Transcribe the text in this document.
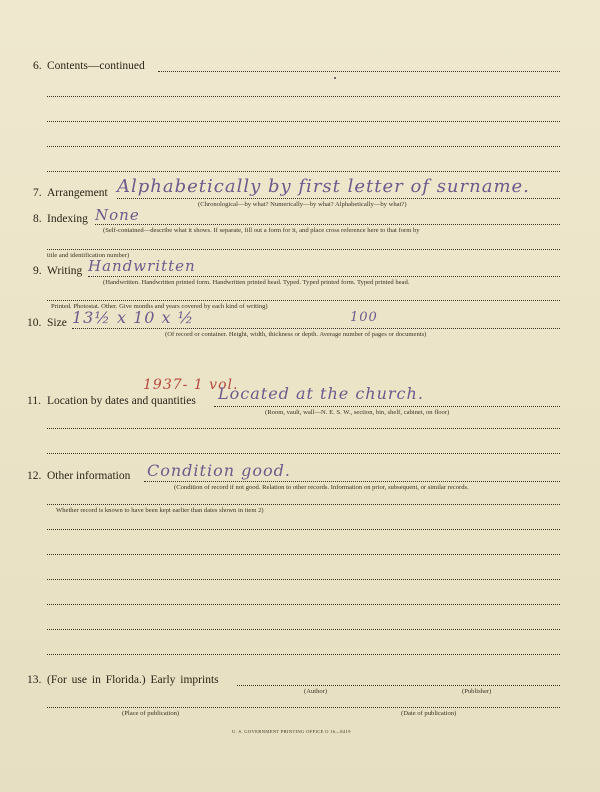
6. Contents—continued
7. Arrangement Alphabetically by first letter of surname.
(Chronological—by what? Numerically—by what? Alphabetically—by what?)
8. Indexing None
(Self-contained—describe what it shows. If separate, fill out a form for it, and place cross reference here to that form by
title and identification number)
9. Writing Handwritten
(Handwritten. Handwritten printed form. Handwritten printed head. Typed. Typed printed form. Typed printed head.
Printed. Photostat. Other. Give months and years covered by each kind of writing)
10. Size 13½ x 10 x ½	100
(Of record or container. Height, width, thickness or depth. Average number of pages or documents)
1937- 1 vol.
11. Location by dates and quantities Located at the church.
(Room, vault, wall—N. E. S. W., section, bin, shelf, cabinet, on floor)
12. Other information Condition good.
(Condition of record if not good. Relation to other records. Information on prior, subsequent, or similar records.
Whether record is known to have been kept earlier than dates shown in item 2)
13. (For use in Florida.) Early imprints
(Author)	(Publisher)
(Place of publication)	(Date of publication)
U. S. GOVERNMENT PRINTING OFFICE O 16—8419
